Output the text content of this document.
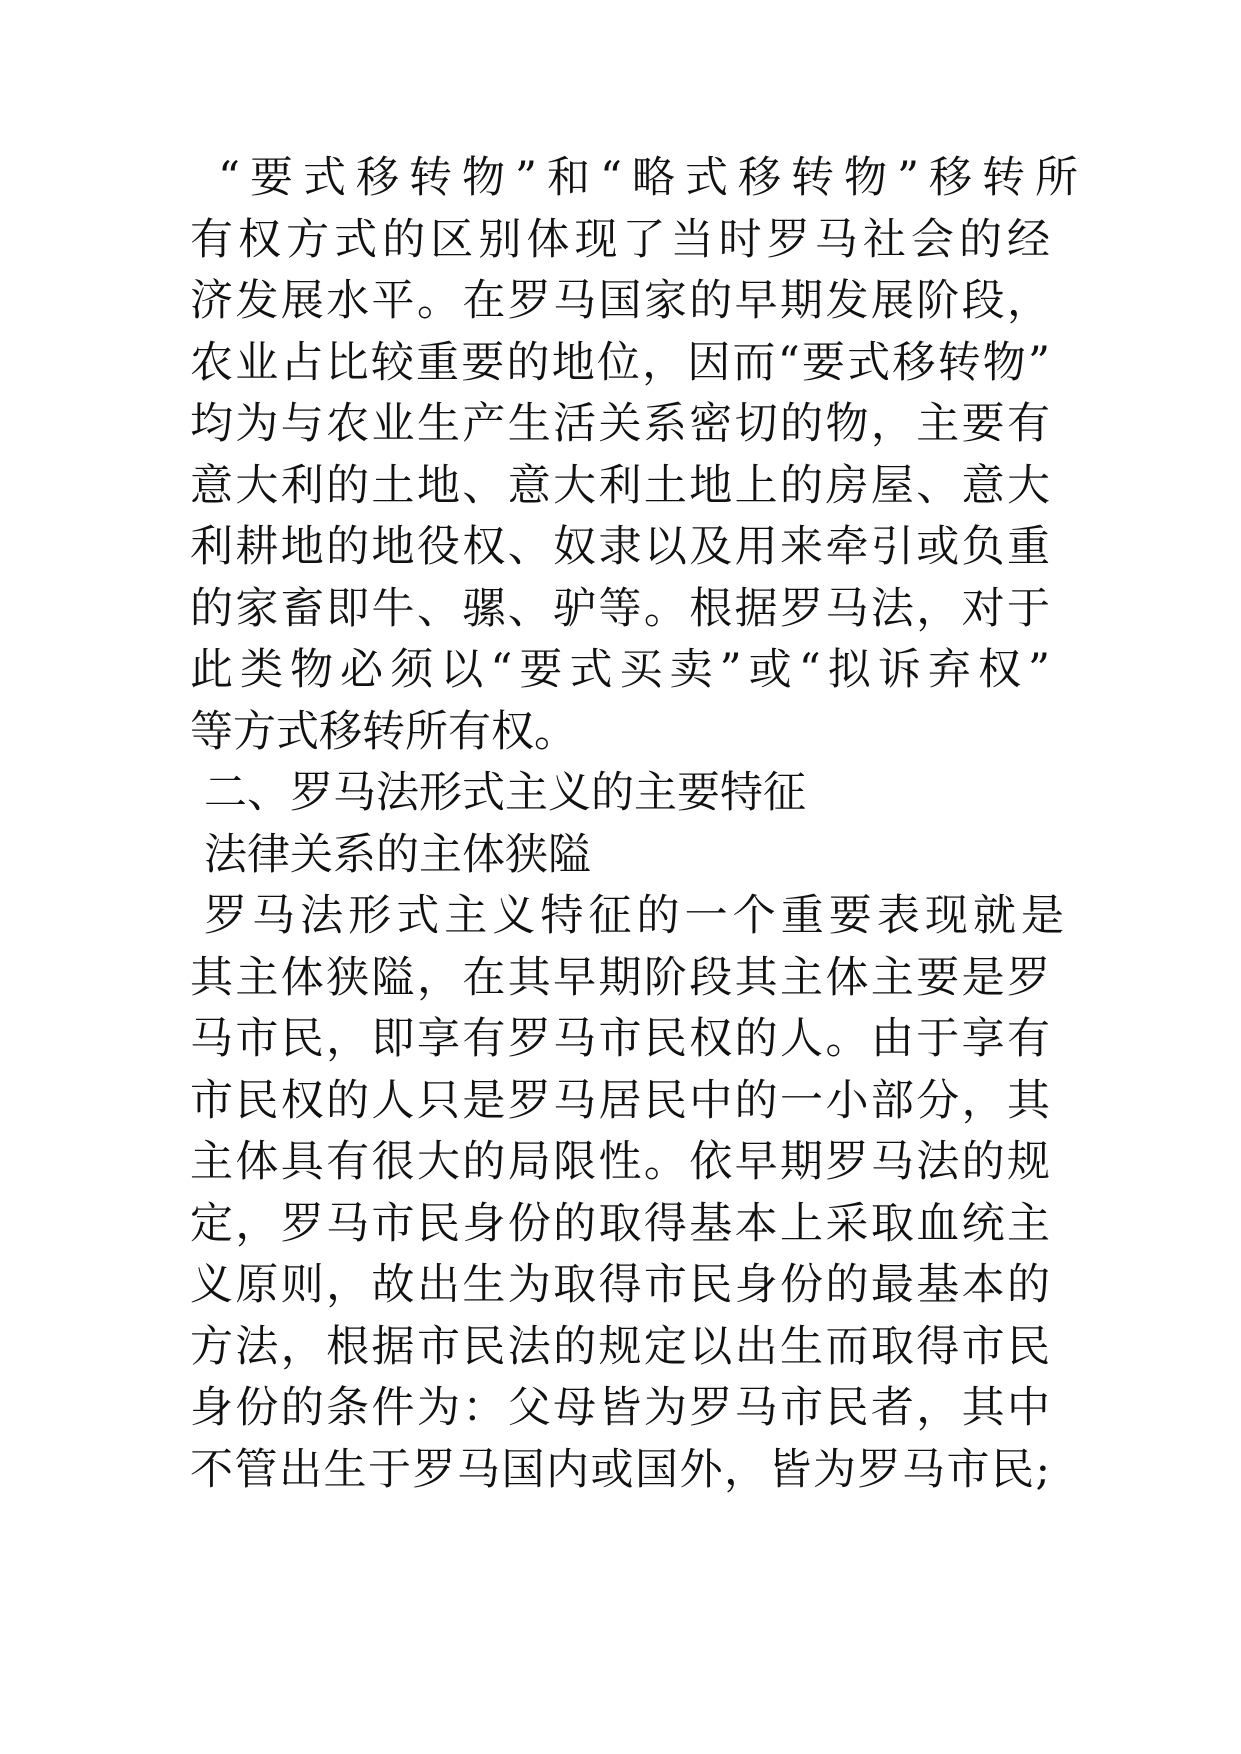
“要式移转物”和“略式移转物”移转所
有权方式的区别体现了当时罗马社会的经
济发展水平。在罗马国家的早期发展阶段，
农业占比较重要的地位，因而“要式移转物”
均为与农业生产生活关系密切的物，主要有
意大利的土地、意大利土地上的房屋、意大
利耕地的地役权、奴隶以及用来牵引或负重
的家畜即牛、骡、驴等。根据罗马法，对于
此类物必须以“要式买卖”或“拟诉弃权”
等方式移转所有权。
二、罗马法形式主义的主要特征
法律关系的主体狭隘
罗马法形式主义特征的一个重要表现就是
其主体狭隘，在其早期阶段其主体主要是罗
马市民，即享有罗马市民权的人。由于享有
市民权的人只是罗马居民中的一小部分，其
主体具有很大的局限性。依早期罗马法的规
定，罗马市民身份的取得基本上采取血统主
义原则，故出生为取得市民身份的最基本的
方法，根据市民法的规定以出生而取得市民
身份的条件为：父母皆为罗马市民者，其中
不管出生于罗马国内或国外，皆为罗马市民;
